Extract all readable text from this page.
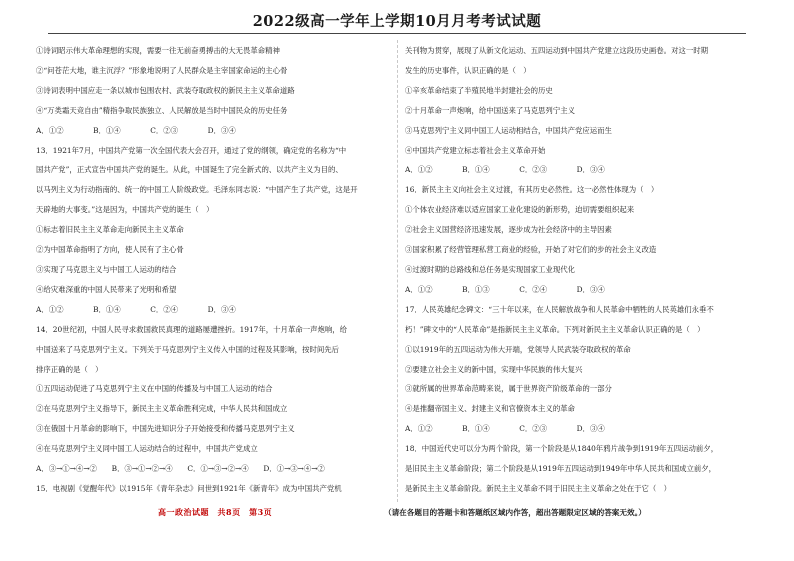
2022级高一学年上学期10月月考考试试题
①诗词昭示伟大革命理想的实现，需要一往无前奋勇搏击的大无畏革命精神
②“问苍茫大地，谁主沉浮？”形象地说明了人民群众是主宰国家命运的主心骨
③诗词表明中国应走一条以城市包围农村、武装夺取政权的新民主主义革命道路
④“万类霜天竞自由”精指争取民族独立、人民解放是当时中国民众的历史任务
A．①②　　　　B．①④　　　　C．②③　　　　D．③④
13．1921年7月，中国共产党第一次全国代表大会召开，通过了党的纲领，确定党的名称为“中
国共产党”，正式宣告中国共产党的诞生。从此，中国诞生了完全新式的、以共产主义为目的、
以马列主义为行动指南的、统一的中国工人阶级政党。毛泽东同志说：“中国产生了共产党，这是开
天辟地的大事变。”这是因为，中国共产党的诞生（　）
①标志着旧民主主义革命走向新民主主义革命
②为中国革命指明了方向，使人民有了主心骨
③实现了马克思主义与中国工人运动的结合
④给灾难深重的中国人民带来了光明和希望
A．①②　　　　B．①④　　　　C．②④　　　　D．③④
14．20世纪初，中国人民寻求救国救民真理的道路屡遭挫折。1917年，十月革命一声炮响，给
中国送来了马克思列宁主义。下列关于马克思列宁主义传入中国的过程及其影响，按时间先后
排序正确的是（　）
①五四运动促进了马克思列宁主义在中国的传播及与中国工人运动的结合
②在马克思列宁主义指导下，新民主主义革命胜利完成，中华人民共和国成立
③在俄国十月革命的影响下，中国先进知识分子开始接受和传播马克思列宁主义
④在马克思列宁主义同中国工人运动结合的过程中，中国共产党成立
A．③→①→④→②　　B．③→①→②→④　　C．①→③→②→④　　D．①→③→④→②
15．电视剧《觉醒年代》以1915年《青年杂志》问世到1921年《新青年》成为中国共产党机
关刊物为贯穿，展现了从新文化运动、五四运动到中国共产党建立这段历史画卷。对这一时期
发生的历史事件，认识正确的是（　）
①辛亥革命结束了半殖民地半封建社会的历史
②十月革命一声炮响，给中国送来了马克思列宁主义
③马克思列宁主义同中国工人运动相结合，中国共产党应运而生
④中国共产党建立标志着社会主义革命开始
A．①②　　　　B．①④　　　　C．②③　　　　D．③④
16．新民主主义向社会主义过渡，有其历史必然性。这一必然性体现为（　）
①个体农业经济难以适应国家工业化建设的新形势，迫切需要组织起来
②社会主义国营经济迅速发展，逐步成为社会经济中的主导因素
③国家积累了经营管理私营工商业的经验，开始了对它们的步的社会主义改造
④过渡时期的总路线和总任务是实现国家工业现代化
A．①②　　　　B．①③　　　　C．②④　　　　D．③④
17．人民英雄纪念碑文：“三十年以来，在人民解放战争和人民革命中牺牲的人民英雄们永垂不
朽！”碑文中的“人民革命”是指新民主主义革命。下列对新民主主义革命认识正确的是（　）
①以1919年的五四运动为伟大开端，党领导人民武装夺取政权的革命
②要建立社会主义的新中国，实现中华民族的伟大复兴
③就所属的世界革命范畴来说，属于世界资产阶级革命的一部分
④是推翻帝国主义、封建主义和官僚资本主义的革命
A．①②　　　　B．①④　　　　C．②③　　　　D．③④
18．中国近代史可以分为两个阶段，第一个阶段是从1840年鸦片战争到1919年五四运动前夕，
是旧民主主义革命阶段；第二个阶段是从1919年五四运动到1949年中华人民共和国成立前夕，
是新民主主义革命阶段。新民主主义革命不同于旧民主主义革命之处在于它（　）
高一政治试题　共8页　第3页	（请在各题目的答题卡和答题纸区域内作答，超出答题限定区域的答案无效。）
